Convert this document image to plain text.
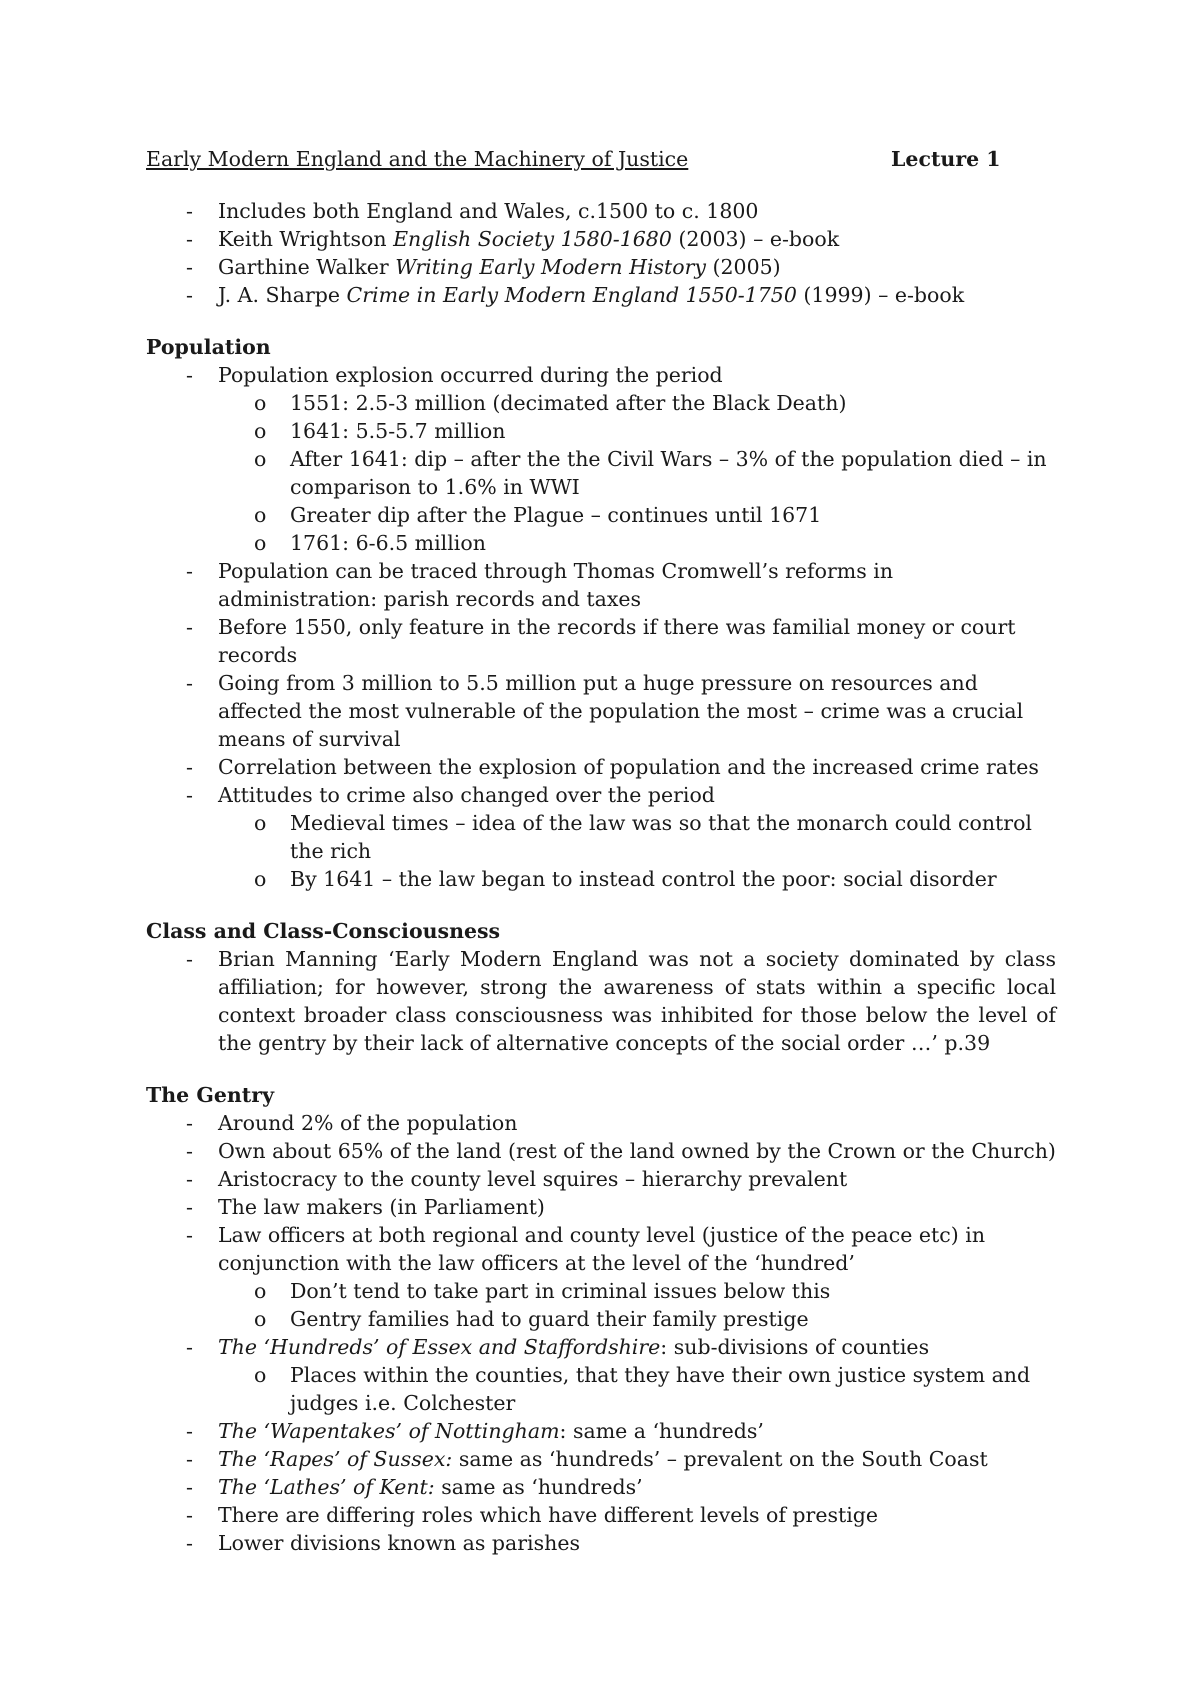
Early Modern England and the Machinery of Justice	Lecture 1
- Includes both England and Wales, c.1500 to c. 1800
- Keith Wrightson English Society 1580-1680 (2003) – e-book
- Garthine Walker Writing Early Modern History (2005)
- J. A. Sharpe Crime in Early Modern England 1550-1750 (1999) – e-book
Population
- Population explosion occurred during the period
o 1551: 2.5-3 million (decimated after the Black Death)
o 1641: 5.5-5.7 million
o After 1641: dip – after the the Civil Wars – 3% of the population died – in comparison to 1.6% in WWI
o Greater dip after the Plague – continues until 1671
o 1761: 6-6.5 million
- Population can be traced through Thomas Cromwell’s reforms in administration: parish records and taxes
- Before 1550, only feature in the records if there was familial money or court records
- Going from 3 million to 5.5 million put a huge pressure on resources and affected the most vulnerable of the population the most – crime was a crucial means of survival
- Correlation between the explosion of population and the increased crime rates
- Attitudes to crime also changed over the period
o Medieval times – idea of the law was so that the monarch could control the rich
o By 1641 – the law began to instead control the poor: social disorder
Class and Class-Consciousness
- Brian Manning ‘Early Modern England was not a society dominated by class affiliation; for however, strong the awareness of stats within a specific local context broader class consciousness was inhibited for those below the level of the gentry by their lack of alternative concepts of the social order …’ p.39
The Gentry
- Around 2% of the population
- Own about 65% of the land (rest of the land owned by the Crown or the Church)
- Aristocracy to the county level squires – hierarchy prevalent
- The law makers (in Parliament)
- Law officers at both regional and county level (justice of the peace etc) in conjunction with the law officers at the level of the ‘hundred’
o Don’t tend to take part in criminal issues below this
o Gentry families had to guard their family prestige
- The ‘Hundreds’ of Essex and Staffordshire: sub-divisions of counties
o Places within the counties, that they have their own justice system and judges i.e. Colchester
- The ‘Wapentakes’ of Nottingham: same a ‘hundreds’
- The ‘Rapes’ of Sussex: same as ‘hundreds’ – prevalent on the South Coast
- The ‘Lathes’ of Kent: same as ‘hundreds’
- There are differing roles which have different levels of prestige
- Lower divisions known as parishes
